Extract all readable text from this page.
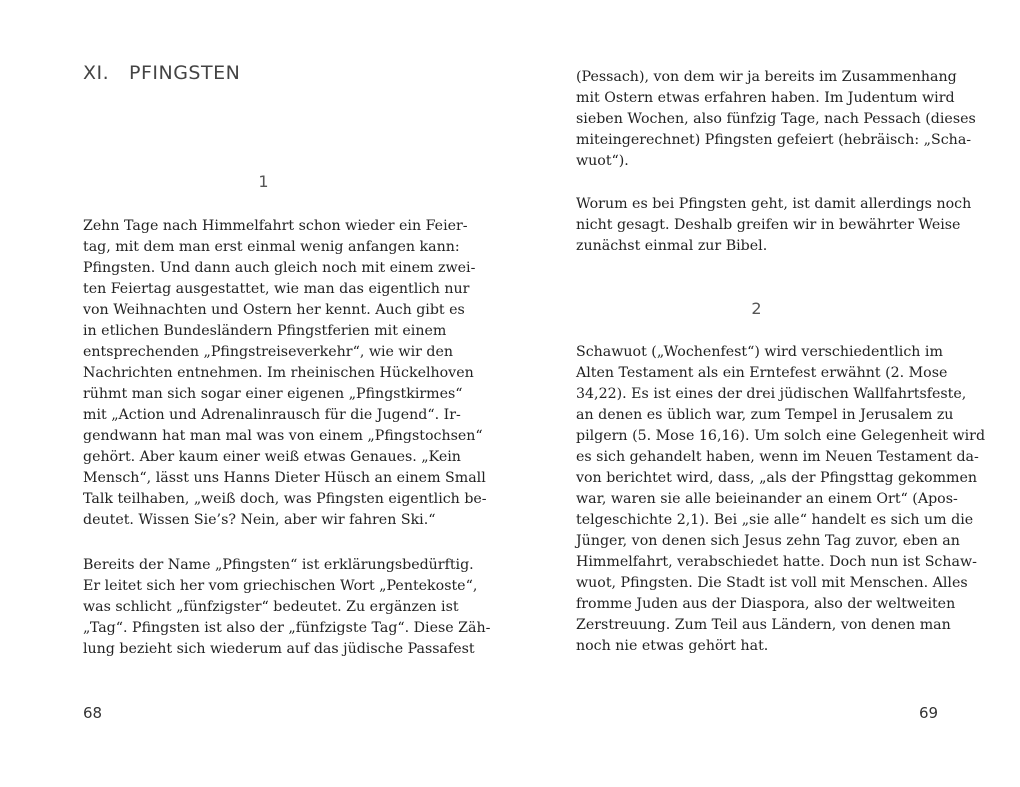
XI. PFINGSTEN
1
Zehn Tage nach Himmelfahrt schon wieder ein Feier-
tag, mit dem man erst einmal wenig anfangen kann:
Pfingsten. Und dann auch gleich noch mit einem zwei-
ten Feiertag ausgestattet, wie man das eigentlich nur
von Weihnachten und Ostern her kennt. Auch gibt es
in etlichen Bundesländern Pfingstferien mit einem
entsprechenden „Pfingstreiseverkehr“, wie wir den
Nachrichten entnehmen. Im rheinischen Hückelhoven
rühmt man sich sogar einer eigenen „Pfingstkirmes“
mit „Action und Adrenalinrausch für die Jugend“. Ir-
gendwann hat man mal was von einem „Pfingstochsen“
gehört. Aber kaum einer weiß etwas Genaues. „Kein
Mensch“, lässt uns Hanns Dieter Hüsch an einem Small
Talk teilhaben, „weiß doch, was Pfingsten eigentlich be-
deutet. Wissen Sie’s? Nein, aber wir fahren Ski.“
Bereits der Name „Pfingsten“ ist erklärungsbedürftig.
Er leitet sich her vom griechischen Wort „Pentekoste“,
was schlicht „fünfzigster“ bedeutet. Zu ergänzen ist
„Tag“. Pfingsten ist also der „fünfzigste Tag“. Diese Zäh-
lung bezieht sich wiederum auf das jüdische Passafest
68
(Pessach), von dem wir ja bereits im Zusammenhang
mit Ostern etwas erfahren haben. Im Judentum wird
sieben Wochen, also fünfzig Tage, nach Pessach (dieses
miteingerechnet) Pfingsten gefeiert (hebräisch: „Scha-
wuot“).
Worum es bei Pfingsten geht, ist damit allerdings noch
nicht gesagt. Deshalb greifen wir in bewährter Weise
zunächst einmal zur Bibel.
2
Schawuot („Wochenfest“) wird verschiedentlich im
Alten Testament als ein Erntefest erwähnt (2. Mose
34,22). Es ist eines der drei jüdischen Wallfahrtsfeste,
an denen es üblich war, zum Tempel in Jerusalem zu
pilgern (5. Mose 16,16). Um solch eine Gelegenheit wird
es sich gehandelt haben, wenn im Neuen Testament da-
von berichtet wird, dass, „als der Pfingsttag gekommen
war, waren sie alle beieinander an einem Ort“ (Apos-
telgeschichte 2,1). Bei „sie alle“ handelt es sich um die
Jünger, von denen sich Jesus zehn Tag zuvor, eben an
Himmelfahrt, verabschiedet hatte. Doch nun ist Schaw-
wuot, Pfingsten. Die Stadt ist voll mit Menschen. Alles
fromme Juden aus der Diaspora, also der weltweiten
Zerstreuung. Zum Teil aus Ländern, von denen man
noch nie etwas gehört hat.
69
